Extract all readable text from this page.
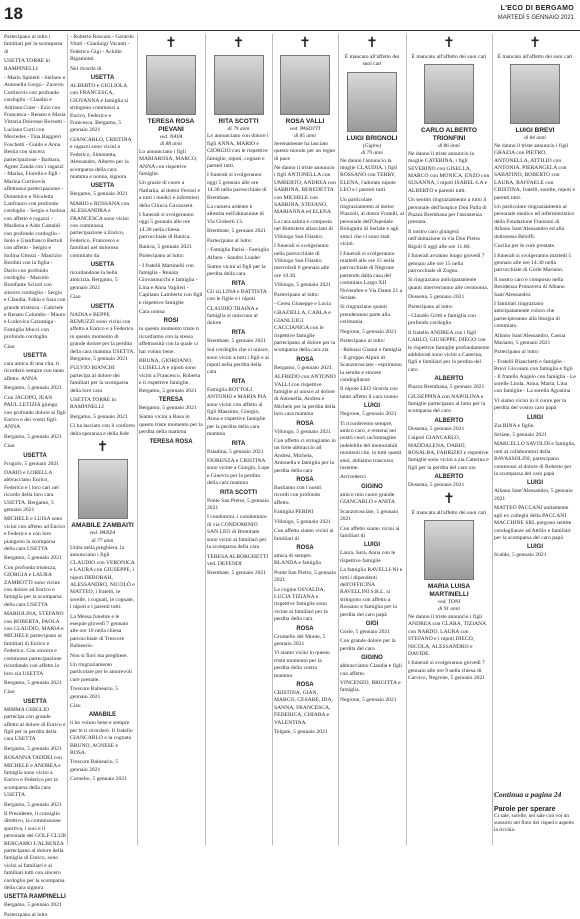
18	L'ECO DI BERGAMO
MARTEDÌ 5 GENNAIO 2021

Partecipano al lutto i familiari per la scomparsa di

USETTA TORRE in RAMPINELLI

- Mario Spinetti - Stefano e Antonella Gorgo - Zaverio Cortinovis con profondo cordoglio - Claudio e Adriana Cuter - Ezio con Francesca - Renato e Maria Vittoria Dolcesse Borsotti - Luciana Curti con Mercedes - Tina Baggieri Foschetti - Guido e Anna Bestia con sincera partecipazione - Barbara, Agnes Zanda con i ragazzi - Marisa, Fiorella e figli - Marina Cortinovis affettuosa partecipazione - Domenico e Nicoletta Lanfranco con profondo cordoglio - Sergio e Isolina con affetto e ragazzi - Marilena e Aldo Castaldi con profondo cordoglio - Isolo e Gianfranco Bertoli con affetto - Sergio e Isolina Ghezzi - Maurizio Bordini con la figlia - Dario con profondo cordoglio - Marcelo Bonifante Sciroli con sincero cordoglio - Sergio e Claudia, Fabio e Sara con grande tristezza - Gabriele e Renato Colombo - Mauro e Ludovica Carzaniga - Famiglia Mucci con profondo cordoglio

Ciao

USETTA

cara amica di una vita, ti ricorderò sempre con tanto affetto. ANNA

Bergamo, 5 gennaio 2021

Con JACOPO, JEAN PAUL LETIZIA giungo con profondo dolore ai figli Enrico e dei vostri figli. ANNA

Bergamo, 5 gennaio 2021

Ciao

USETTA

Frugolo, 5 gennaio 2021

DARIO e LORELLA abbracciano Enrico, Federico e i loro cari nel ricordo della loro cara USETTA. Bergamo, 5 gennaio 2021

MICHELE e LUISA sono vicini con affetto ad Enrico e Federico e con loro piangono la scomparsa della cara USETTA

Bergamo, 5 gennaio 2021

Con profonda tristezza, GIORGIA e LAURA ZAMBOTTI sono vicine con dolore ad Enrico e famiglia per la scomparsa della cara USETTA

MARIOLINA, STEFANO con ROBERTA, PAOLA con CLAUDIO, MARIA e MICHELE partecipano ai familiari di Enrico e Federico. Con sincera e commossa partecipazione ricordando con affetto la loro zia USETTA

Bergamo, 5 gennaio 2021

Ciao

USETTA

MIMMA GHIGLIO partecipa con grande affetto al dolore di Enrico e figli per la perdita della cara USETTA

Bergamo, 5 gennaio 2021

ROSANNA TADDEI con MICHELE e ANDREA e famiglia sono vicini a Enrico e Federico per la scomparsa della cara USETTA

Bergamo, 5 gennaio 2021

Il Presidente, il consiglio direttivo, la commissione sportiva, i soci e il personale del GOLF CLUB BERGAMO L'ALBENZA partecipano al dolore della famiglia di Enrico, sono vicini ai familiari e ai familiari tutti con sincero cordoglio per la scomparsa della cara signora

USETTA RAMPINELLI

Bergamo, 5 gennaio 2021

Partecipano al lutto

- Roberto Roscani - Gerardo Vitali - Gianluigi Vacanti - Federico Gigi - Achille Rigamonti

Nel ricordo di

USETTA

ALBERTO e GIGLIOLA con FRANCESCA, GIOVANNA e famiglia si stringono commossi a Enrico, Federico e Francesca. Bergamo, 5 gennaio 2021

GIANCARLO, CRISTINA e ragazzi sono vicini a Federico, Simonetta, Alessandro, Alberto per la scomparsa della cara mamma e nonna, signora

USETTA

Bergamo, 5 gennaio 2021

MARIO e ROSSANA con ALESSANDRA e FRANCESCA sono vicini con commossa partecipazione a Enrico, Federico, Francesco e familiari nel doloroso commiato da

USETTA

ricordandone la bella amicizia. Bergamo, 5 gennaio 2021

Ciao

USETTA

NADIA e BEPPE REMUZZI sono vicini con affetto a Enrico e a Federico in questo momento di grande dolore per la perdita della cara mamma USETTA. Bergamo, 5 gennaio 2021

FULVIO BIANCHI partecipa al dolore dei familiari per la scomparsa della loro cara

USETTA TORRE in RAMPINELLI

Bergamo, 5 gennaio 2021

Ci ha lasciato con il conforto della speranza e della fede

✝
AMABILE ZAMBAITI
ved. PANZA
di 77 anni

Unita nella preghiera, la annunciano i figli CLAUDIO con VERONICA e LAURA con GIUSEPPE, i nipoti DEBORAH, ALESSANDRO, NICOLÒ e MATTEO, i fratelli, le sorelle, i cognati, le cognate, i nipoti e i parenti tutti.

La Messa funebre e le esequie giovedì 7 gennaio alle ore 10 nella chiesa parrocchiale di Trescore Balneario.

Non si fiori ma preghiere.

Un ringraziamento particolare per le amorevoli cure prestate.

Trescore Balneario, 5 gennaio 2021

Ciao

AMABILE

ti ho voluto bene e sempre per te ti ricorderò. Il fratello GIANCARLO e la cognata BRUNO, AGNESE e ROSA.

Trescore Balneario, 5 gennaio 2021

Cornelio, 5 gennaio 2021

✝
TERESA ROSA PIEVANI
ved. NAVA
di 88 anni

Lo annunciano i figli MARIAROSA, MARCO, ANNA con rispettive famiglie.

Un grazie di cuore a Nathalia, al dottor Ferrari e a tutti i medici e infermieri della Clinica Gavazzeni.

I funerali si svolgeranno oggi 5 gennaio alle ore 14.30 nella chiesa parrocchiale di Ranica.

Ranica, 5 gennaio 2021

Partecipano al lutto:

- I fratelli Martinelli con famiglia - Renata Giovannucchi e famiglia - Lina e Anna Vaglieri - Capitano Lamberto con figli e rispettive famiglie

Cara nonna

ROSI

in questo momento triste ti ricordiamo con la stessa affettuosità con la quale ci hai voluto bene.

BRUNA, GIORDANO, LUISELLA e nipoti sono vicini a Francesco, Roberta e il rispettive famiglie. Bergamo, 5 gennaio 2021

TERESA

Bergamo, 5 gennaio 2021

Siamo vicini a Rosa in questo triste momento per la perdita della mamma

TERESA ROSA

✝
RITA SCOTTI
di 79 anni

Lo annunciano con dolore i figli ANNA, MARIO e GIORGIO con le rispettive famiglie, nipoti, cognati e parenti tutti.

I funerali si svolgeranno oggi 5 gennaio alle ore 14.30 nella parrocchiale di Brembate.

La camera ardente è allestita nell'abitazione di Via Gioberti 13.

Brembate, 5 gennaio 2021

Partecipano al lutto:

- Famiglia Parisi - Famiglia Alfano - Sandro Loader

Siamo vicini ai figli per la perdita della cara

RITA

Gli zii LINA e BATTISTA con le figlie e i nipoti

CLAUDIO TRAINA e famiglia si uniscono al dolore

RITA

Brembate, 5 gennaio 2021

Sul cordoglio che ci unisce, sono vicini a tutti i figli e ai nipoti nella perdita della cara

RITA

Famiglia ROTTOLI ANTONIO e MARIA PIA sono vicini con affetto ai figli Massimo, Giorgio, Anna e rispettive famiglie per la perdita della cara mamma

RITA

Paladina, 5 gennaio 2021

FIORENZA e CRISTINA sono vicine a Giorgio, Lupe e Ginevra per la perdita della cara mamma

RITA SCOTTI

Ponte San Pietro, 5 gennaio 2021

I condomini, i condominio di via CONDOMINIO SAN LEO di Brembate sono vicini ai familiari per la scomparsa della cara

TERESA ALBORGHETTI ved. DEFENDI

Brembate, 5 gennaio 2021

✝
ROSA VALLI
ved. PASOTTI
di 85 anni

Serenamente ha lasciato questo mondo per un regno di pace

Ne danno il triste annuncio i figli ANTONELLA con UMBERTO, ANDREA con SABRINA, BENEDETTA con MICHELE con SABRINA, STEFANO, MARIANNA ed ELENA.

La cara salma è composta nel Buttistero allacciato di Villongo San Filastro.

I funerali si svolgeranno nella parrocchiale di Villongo San Filastro mercoledì 6 gennaio alle ore 10.30.

Villongo, 5 gennaio 2021

Partecipano al lutto:

- Cerea Giuseppe e Lucia

GRAZIELLA, CARLA e GIANLUIGI CACCIANIGA con le rispettive famiglie partecipano al dolore per la scomparsa della cara zia

ROSA

Bergamo, 5 gennaio 2021

ALFREDO con ANTONIO VALLI con rispettive famiglie al unisce al dolore di Antonella, Andrea e Michele per la perdita della loro cara mamma

ROSA

Villongo, 5 gennaio 2021

Con affetto ci stringiamo in un forte abbraccio ad Andrea, Michela, Antonella e famiglia per la perdita della cara

ROSA

Bastiamo con i nostri ricordi con profondo affetto.

Famiglia PERINI

Villongo, 5 gennaio 2021

Con affetto siamo vicini ai familiari di

ROSA

amica di sempre. BLANDA e famiglia

Ponte San Pietro, 5 gennaio 2021

Le cugine OSVALDA, LUCIA TIZIANA e rispettive famiglie sono vicine ai familiari per la perdita della cara

ROSA

Grumello del Monte, 5 gennaio 2021

Vi siamo vicini in questo triste momento per la perdita della vostra mamma

ROSA

CRISTINA, GIAN, MARCO, CESARE, IDA, SANNA, FRANCESCA, FEDERICA, CHIARA e VALENTINA.

Telgate, 5 gennaio 2021

✝

È mancato all'affetto dei suoi cari

LUIGI BRIGNOLI
(Gigino)
di 79 anni

Ne danno l'annuncio la moglie CLAUDIA, i figli ROSSANO con TERRY, ELENA, l'adorato nipote LEO e i parenti tutti.

Un particolare ringraziamento al dottor Piazzoli, al dottor Fratelli, al personale dell'Ospedale Bolognini di Seriate e agli amici che ci sono stati vicini.

I funerali si svolgeranno martedì alle ore 15 nella parrocchiale di Negrone partendo dalla casa del commiato Largo XII Novembre e Via Dante 21 a Seriate.

Si ringraziano quanti prenderanno parte alla cerimonia.

Negrone, 5 gennaio 2021

Partecipano al lutto:

- Rebussi Gianni e famiglia - Il gruppo Alpini di Scanzorosciate - esprimono la sentite e sincere condoglianze

Il nipote LEO ricorda con tanto affetto il caro nonno

LUIGI

Negrone, 5 gennaio 2021

Ti ricorderemo sempre, amico caro, e resterai nei nostri cuori un'immagine indelebile del memorabili momenti che, in tutti questi anni, abbiamo trascorso insieme.

Arrivederci

GIGINO

amico mio cuore grande. GIANCARLO e ANITA.

Scanzorosciate, 5 gennaio 2021

Con affetto siamo vicini ai familiari di

LUIGI

Laura, Sara, Anna con le rispettive famiglie

La famiglia RAVELLI-NI e tutti i dipendenti dell'OFFICINA RAVELLINI S.R.L. si stringono con affetto a Rossano e famiglia per la perdita del caro papà

GIGI

Gorle, 5 gennaio 2021

Con grande dolore per la perdita del caro

GIGINO

abbracciamo Claudia e figli con affetto.

VINCENZO, BRIGITTA e famiglia.

Negrone, 5 gennaio 2021

✝

È mancato all'affetto dei suoi cari

CARLO ALBERTO TRIONFINI
di 86 anni

Ne danno il triste annuncio la moglie CATERINA, i figli SEVERINO con GISELLA, MARCO con MONICA, ENZO con SUSANNA, i nipoti ISABEL-LA e ALBERTO e parenti tutti.

Un sentito ringraziamento a tutto il personale dell'hospice Don Palla di Piazza Brembana per l'assistenza prestata.

Il nostro caro giungerà nell'abitazione in via Don Pietro Rigoli 6 oggi alle ore 11.00.

I funerali avranno luogo giovedì 7 gennaio alle ore 15 nella parrocchiale di Zogno.

Si ringraziano anticipatamente quanti interverranno alle cerimonia.

Dossena, 5 gennaio 2021

Partecipano al lutto:

- Claudio Gritti e famiglia con profondo cordoglio

Il fratello ANDREA con i figli CARLO, GIUSEPPE, DIEGO con le rispettive famiglie profondamente addolorati sono vicini a Caterina, figli e familiari per la perdita del caro

ALBERTO

Piazza Brembana, 5 gennaio 2021

GIUSEPPINA con NAPOLINA e famiglie partecipano al lutto per la scomparsa del caro

ALBERTO

Dossena, 5 gennaio 2021

I nipoti GIANCARLO, MADDALENA, DARIO, ROSALBA, FABRIZIO e rispettive famiglie sono vicini a zia Caterina e figli per la perdita del caro zio

ALBERTO

Dossena, 5 gennaio 2021

✝

È mancata all'affetto dei suoi cari

MARIA LUISA MARTINELLI
ved. TONI
di 91 anni

Ne danno il triste annuncio i figli ANDREA con CLARA, TIZIANA con NARDO, LAURA con STEFANO e i nipoti DIEGO, NICOLA, ALESSANDRO e DAVIDE.

I funerali si svolgeranno giovedì 7 gennaio alle ore 9 nella chiesa di Carvico, Negrone, 5 gennaio 2021

✝

È mancato all'affetto dei suoi cari

LUIGI BREVI
di 84 anni

Ne danno il triste annuncio i figli GRAZIA con PIETRO, ANTONELLA, ATTILIO con ANTONIA, PIERANGELA con SABATINO, ROBERTO con LAURA, RAFFAELE con CRISTINA, fratelli, sorelle, nipoti e parenti tutti.

Un particolare ringraziamento al personale medico ed infermieristico della Fondazione Franzoni di Albano Sant'Alessandro ed alla dottoressa Beloffi.

Cocilia per le cure prestate.

I funerali si svolgeranno martedì 5 gennaio alle ore 14.30 nella parrocchiale di Gorle Mariano.

Il nostro caro è composto nella Residenza Primavera di Albano Sant'Alessandro.

I familiari ringraziano anticipatamente coloro che parteciperanno alla liturgia di commiato.

Albano Sant'Alessandro, Cassia Mariano, 5 gennaio 2021

Partecipano al lutto:

- Fratelli Bianchetti e famiglie - Brevi Giovanni con famiglia e figli - Il fratello Angelo con famiglia - Le sorelle Linda, Anna, Maria, Lina con famiglie - La sorella Agostina

Vi siamo vicini in il cuore per la perdita del vostro caro papà

LUIGI

Zia RINA e figlie.

Seriate, 5 gennaio 2021

MARCELLO SAVOLDI e famiglia, unti al collaboratori della BAVASSOLINI, partecipano commossi al dolore di Roberto per la scomparsa del caro papà

LUIGI

Albano Sant'Alessandro, 5 gennaio 2021

MATTEO PACCANI unitamente agli ex colleghi della PACCANI MACCHINE SRL porgono sentite condoglianze ad Attilio e familiari per la scomparsa del caro papà

LUIGI

Scaldo, 5 gennaio 2021

Continua a pagina 24
Parole per sperare
Ci sale, sorelle, nel sale con voi un sussurro nel fioto dei risped e aspetto la ricchia.
